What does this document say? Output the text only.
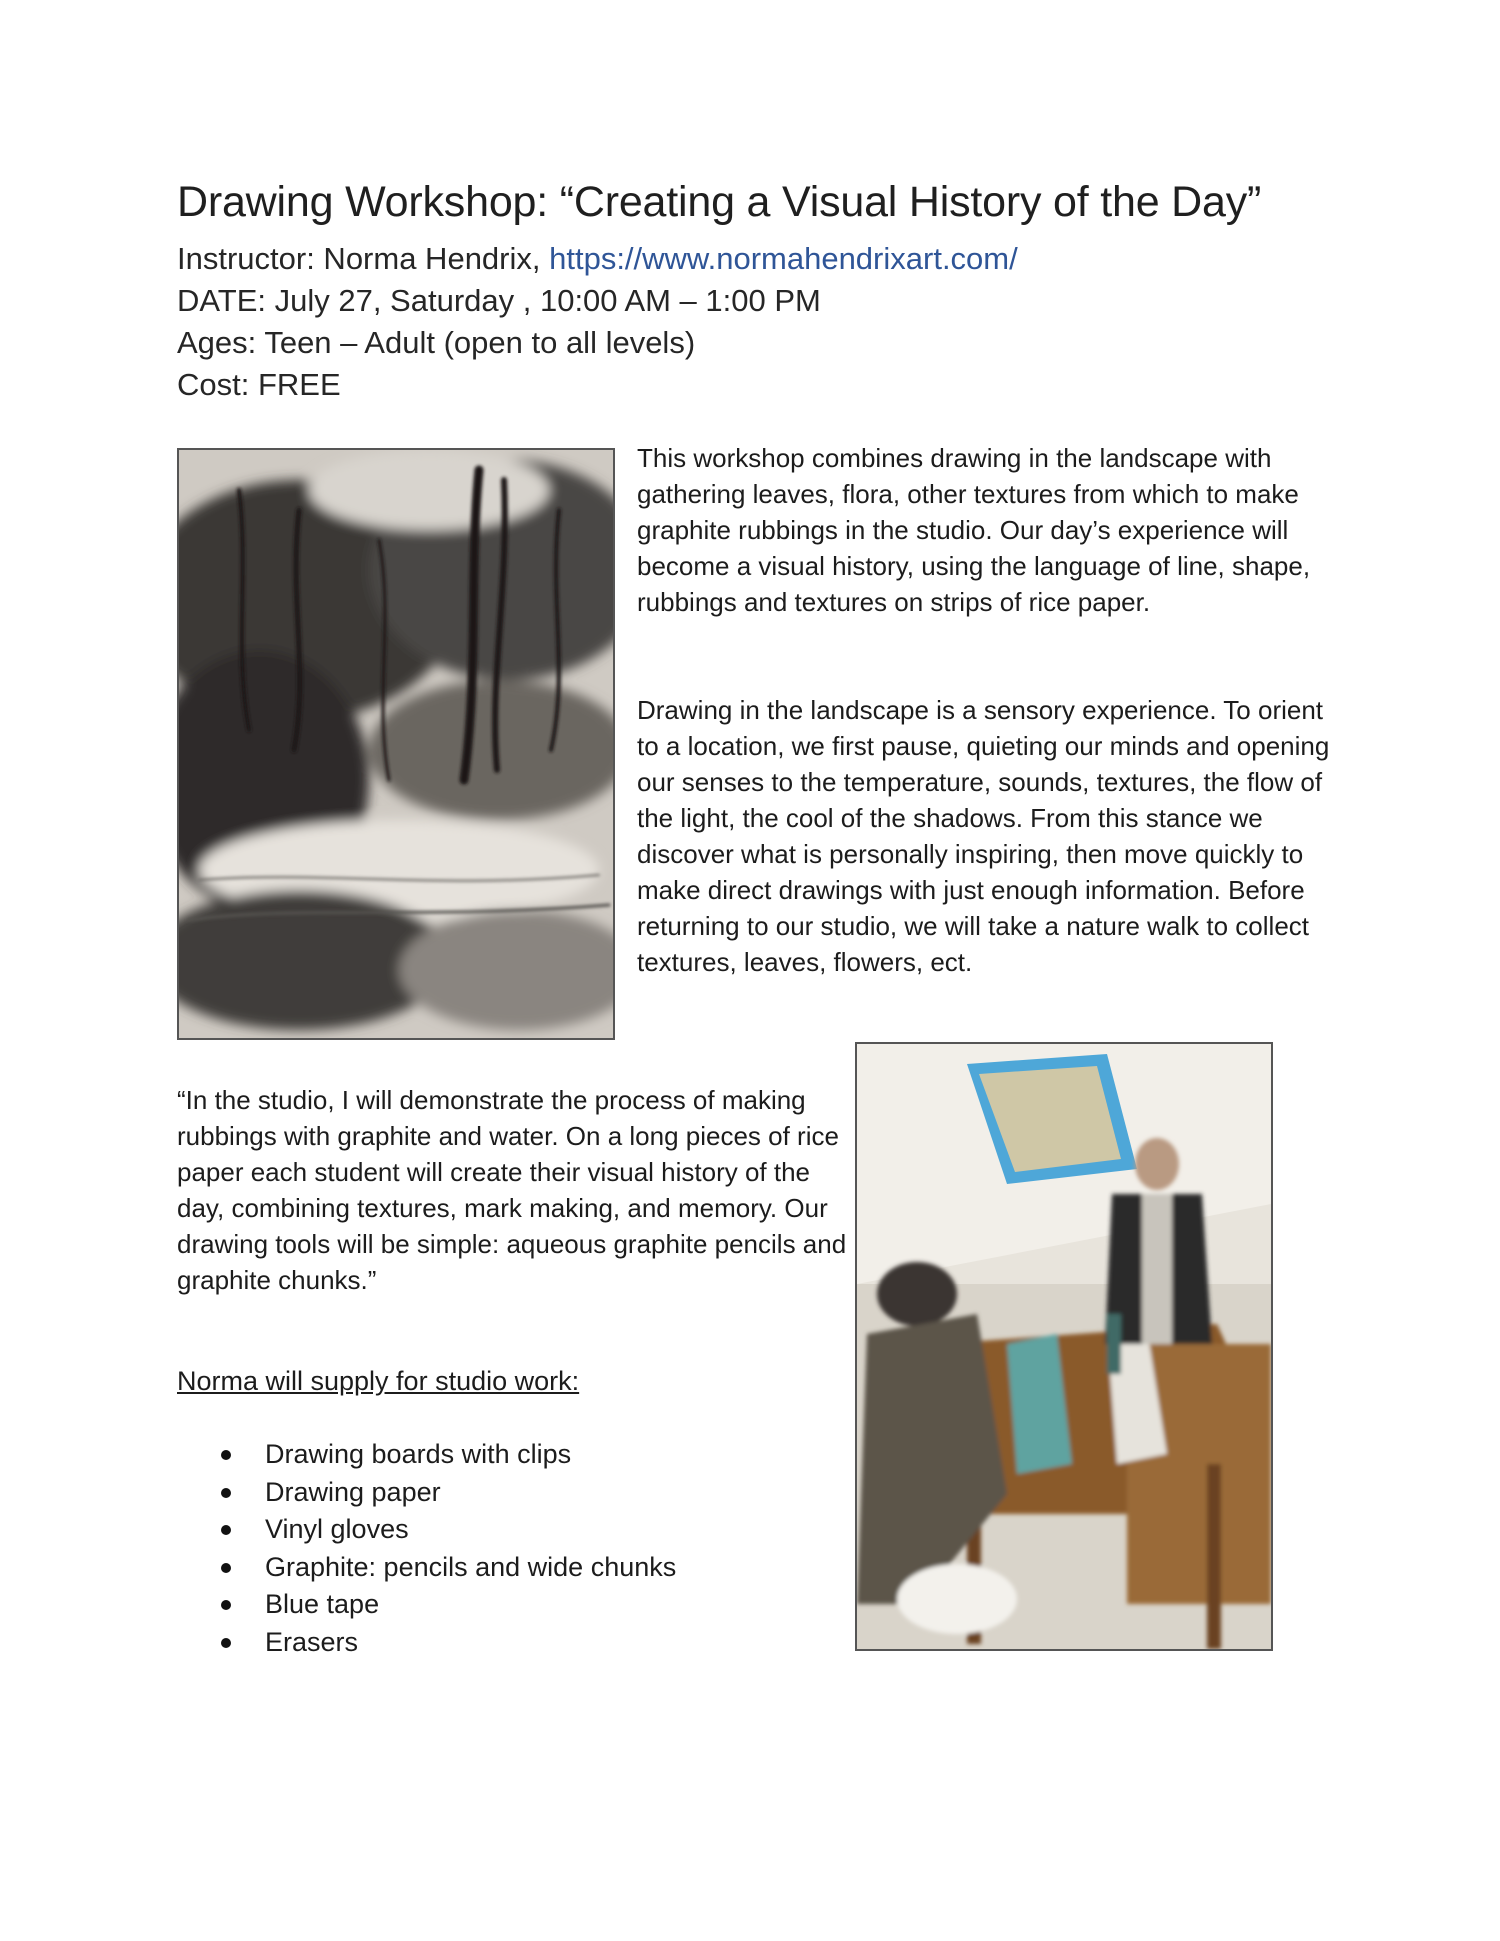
Drawing Workshop: “Creating a Visual History of the Day”
Instructor: Norma Hendrix, https://www.normahendrixart.com/
DATE: July 27, Saturday , 10:00 AM – 1:00 PM
Ages: Teen – Adult (open to all levels)
Cost: FREE

This workshop combines drawing in the landscape with gathering leaves, flora, other textures from which to make graphite rubbings in the studio. Our day’s experience will become a visual history, using the language of line, shape, rubbings and textures on strips of rice paper.

Drawing in the landscape is a sensory experience. To orient to a location, we first pause, quieting our minds and opening our senses to the temperature, sounds, textures, the flow of the light, the cool of the shadows. From this stance we discover what is personally inspiring, then move quickly to make direct drawings with just enough information. Before returning to our studio, we will take a nature walk to collect textures, leaves, flowers, ect.

“In the studio, I will demonstrate the process of making rubbings with graphite and water. On a long pieces of rice paper each student will create their visual history of the day, combining textures, mark making, and memory. Our drawing tools will be simple: aqueous graphite pencils and graphite chunks.”

Norma will supply for studio work:

Drawing boards with clips
Drawing paper
Vinyl gloves
Graphite: pencils and wide chunks
Blue tape
Erasers
